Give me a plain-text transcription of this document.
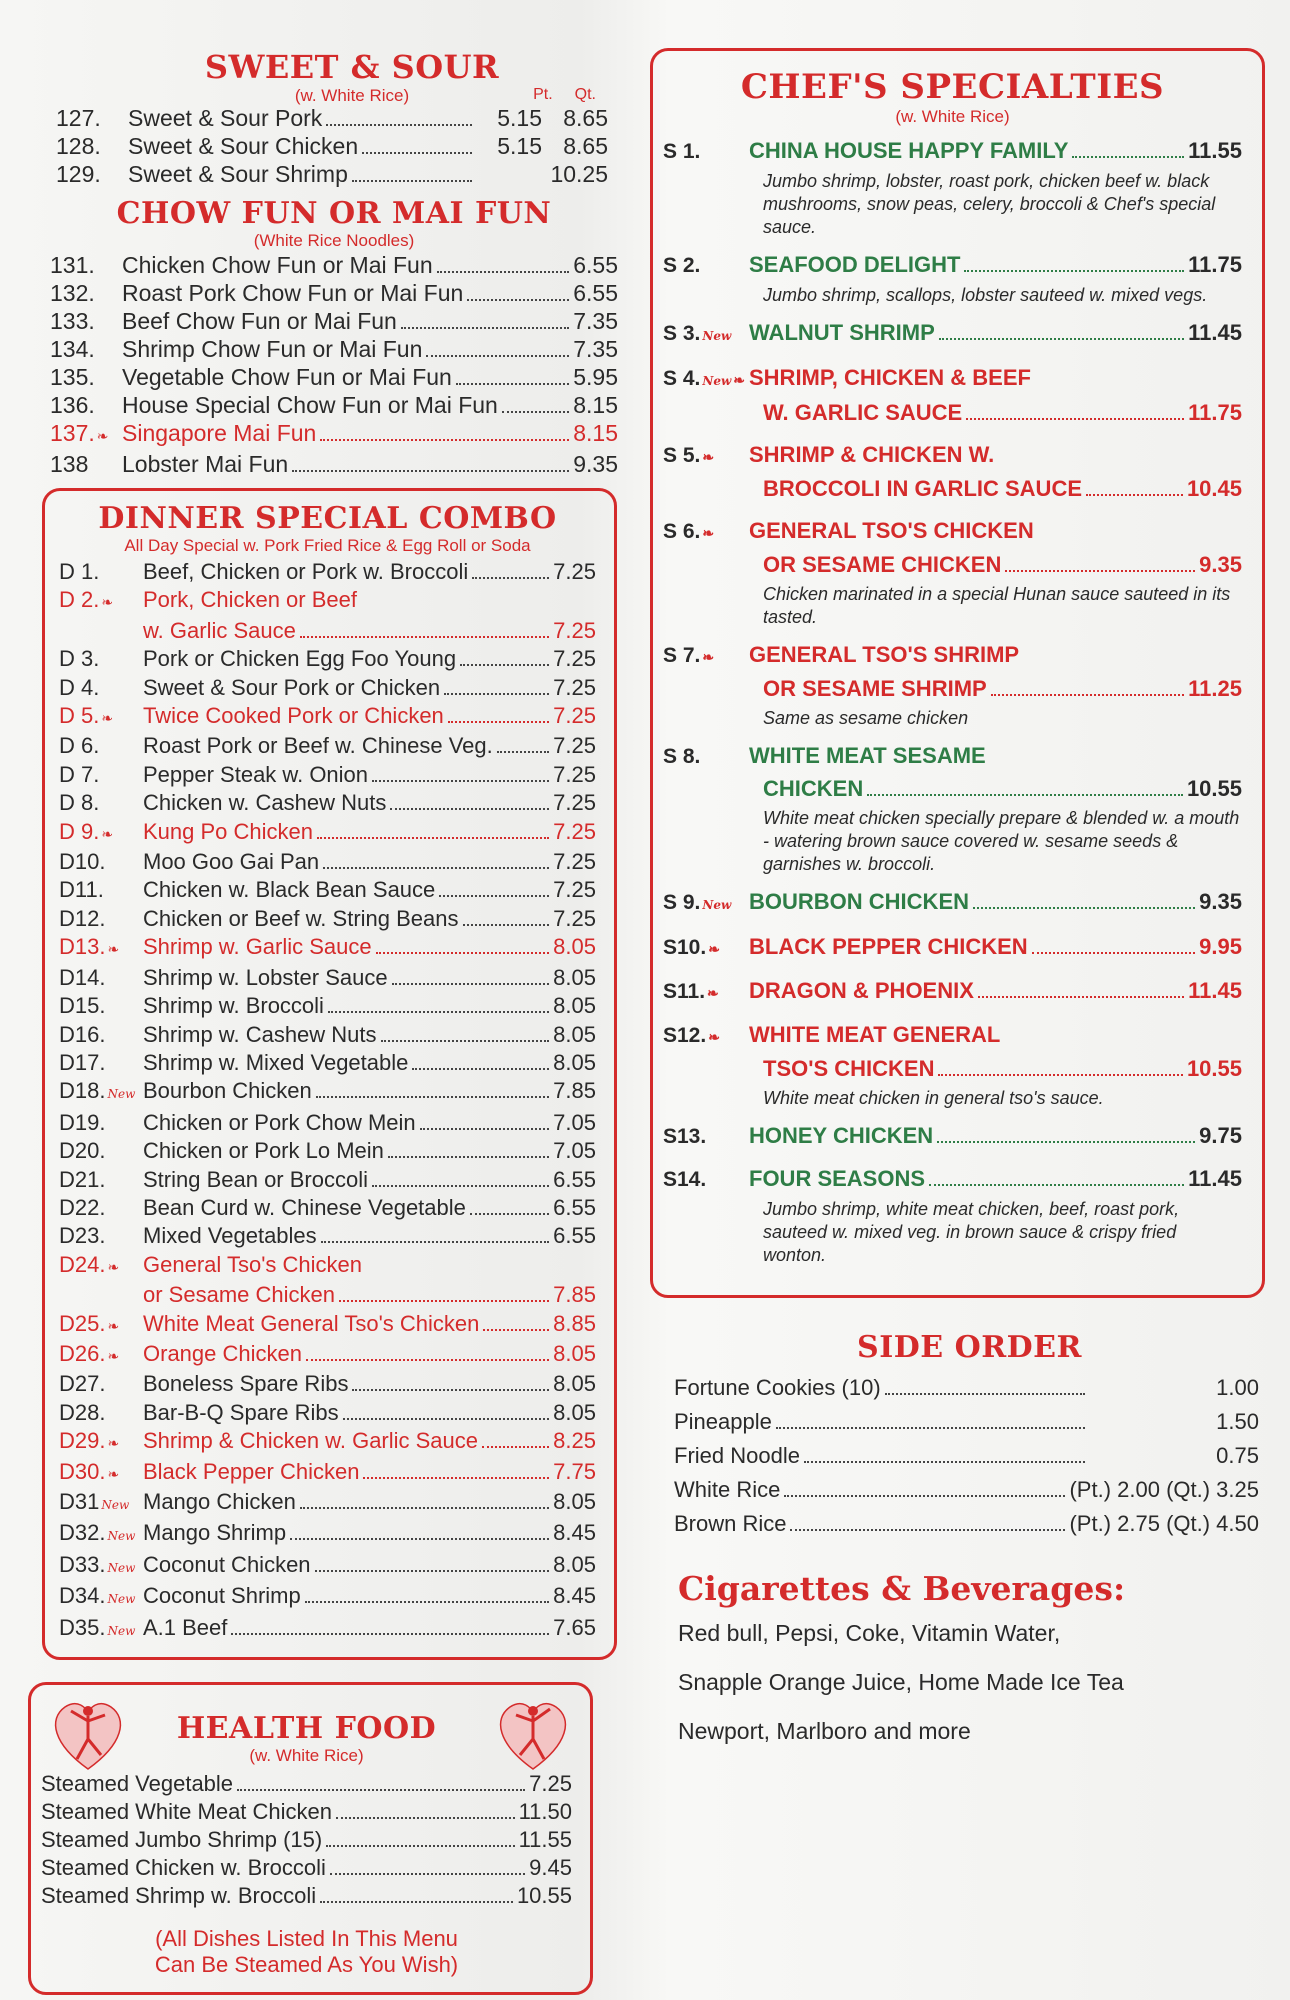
SWEET & SOUR
(w. White Rice)	Pt. Qt.
127.	Sweet & Sour Pork	5.15 8.65
128.	Sweet & Sour Chicken	5.15 8.65
129.	Sweet & Sour Shrimp	10.25
CHOW FUN OR MAI FUN
(White Rice Noodles)
131.	Chicken Chow Fun or Mai Fun	6.55
132.	Roast Pork Chow Fun or Mai Fun	6.55
133.	Beef Chow Fun or Mai Fun	7.35
134.	Shrimp Chow Fun or Mai Fun	7.35
135.	Vegetable Chow Fun or Mai Fun	5.95
136.	House Special Chow Fun or Mai Fun	8.15
137. ❧ Singapore Mai Fun	8.15
138	Lobster Mai Fun	9.35
DINNER SPECIAL COMBO
All Day Special w. Pork Fried Rice & Egg Roll or Soda
D 1.	Beef, Chicken or Pork w. Broccoli	7.25
D 2. ❧	Pork, Chicken or Beef
w. Garlic Sauce	7.25
D 3.	Pork or Chicken Egg Foo Young	7.25
D 4.	Sweet & Sour Pork or Chicken	7.25
D 5. ❧	Twice Cooked Pork or Chicken	7.25
D 6.	Roast Pork or Beef w. Chinese Veg.	7.25
D 7.	Pepper Steak w. Onion	7.25
D 8.	Chicken w. Cashew Nuts	7.25
D 9. ❧	Kung Po Chicken	7.25
D10.	Moo Goo Gai Pan	7.25
D11.	Chicken w. Black Bean Sauce	7.25
D12.	Chicken or Beef w. String Beans	7.25
D13. ❧	Shrimp w. Garlic Sauce	8.05
D14.	Shrimp w. Lobster Sauce	8.05
D15.	Shrimp w. Broccoli	8.05
D16.	Shrimp w. Cashew Nuts	8.05
D17.	Shrimp w. Mixed Vegetable	8.05
D18. New Bourbon Chicken	7.85
D19.	Chicken or Pork Chow Mein	7.05
D20.	Chicken or Pork Lo Mein	7.05
D21.	String Bean or Broccoli	6.55
D22.	Bean Curd w. Chinese Vegetable	6.55
D23.	Mixed Vegetables	6.55
D24. ❧	General Tso's Chicken
or Sesame Chicken	7.85
D25. ❧	White Meat General Tso's Chicken	8.85
D26. ❧	Orange Chicken	8.05
D27.	Boneless Spare Ribs	8.05
D28.	Bar-B-Q Spare Ribs	8.05
D29. ❧	Shrimp & Chicken w. Garlic Sauce	8.25
D30. ❧	Black Pepper Chicken	7.75
D31 New Mango Chicken	8.05
D32. New Mango Shrimp	8.45
D33. New Coconut Chicken	8.05
D34. New Coconut Shrimp	8.45
D35. New A.1 Beef	7.65
HEALTH FOOD
(w. White Rice)
Steamed Vegetable	7.25
Steamed White Meat Chicken	11.50
Steamed Jumbo Shrimp (15)	11.55
Steamed Chicken w. Broccoli	9.45
Steamed Shrimp w. Broccoli	10.55
(All Dishes Listed In This Menu
Can Be Steamed As You Wish)
CHEF'S SPECIALTIES
(w. White Rice)
S 1.	CHINA HOUSE HAPPY FAMILY	11.55
Jumbo shrimp, lobster, roast pork, chicken beef w. black mushrooms, snow peas, celery, broccoli & Chef's special sauce.
S 2.	SEAFOOD DELIGHT	11.75
Jumbo shrimp, scallops, lobster sauteed w. mixed vegs.
S 3. New WALNUT SHRIMP	11.45
S 4. New ❧ SHRIMP, CHICKEN & BEEF
W. GARLIC SAUCE	11.75
S 5. ❧	SHRIMP & CHICKEN W.
BROCCOLI IN GARLIC SAUCE	10.45
S 6. ❧	GENERAL TSO'S CHICKEN
OR SESAME CHICKEN	9.35
Chicken marinated in a special Hunan sauce sauteed in its tasted.
S 7. ❧	GENERAL TSO'S SHRIMP
OR SESAME SHRIMP	11.25
Same as sesame chicken
S 8.	WHITE MEAT SESAME
CHICKEN	10.55
White meat chicken specially prepare & blended w. a mouth - watering brown sauce covered w. sesame seeds & garnishes w. broccoli.
S 9. New BOURBON CHICKEN	9.35
S10. ❧	BLACK PEPPER CHICKEN	9.95
S11. ❧	DRAGON & PHOENIX	11.45
S12. ❧	WHITE MEAT GENERAL
TSO'S CHICKEN	10.55
White meat chicken in general tso's sauce.
S13.	HONEY CHICKEN	9.75
S14.	FOUR SEASONS	11.45
Jumbo shrimp, white meat chicken, beef, roast pork, sauteed w. mixed veg. in brown sauce & crispy fried wonton.
SIDE ORDER
Fortune Cookies (10)	1.00
Pineapple	1.50
Fried Noodle	0.75
White Rice	(Pt.) 2.00 (Qt.) 3.25
Brown Rice	(Pt.) 2.75 (Qt.) 4.50
Cigarettes & Beverages:
Red bull, Pepsi, Coke, Vitamin Water,
Snapple Orange Juice, Home Made Ice Tea
Newport, Marlboro and more
